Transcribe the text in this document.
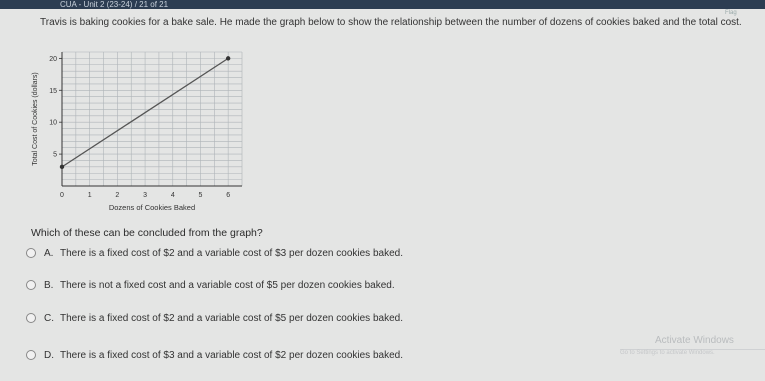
CUA - Unit 2 (23-24) / 21 of 21
Flag
Travis is baking cookies for a bake sale. He made the graph below to show the relationship between the number of dozens of cookies baked and the total cost.
0	1	2	3	4	5	6
5
10
15
20
Dozens of Cookies Baked
Total Cost of Cookies (dollars)
Which of these can be concluded from the graph?
A. There is a fixed cost of $2 and a variable cost of $3 per dozen cookies baked.
B. There is not a fixed cost and a variable cost of $5 per dozen cookies baked.
C. There is a fixed cost of $2 and a variable cost of $5 per dozen cookies baked.
D. There is a fixed cost of $3 and a variable cost of $2 per dozen cookies baked.
Activate Windows
Go to Settings to activate Windows.
